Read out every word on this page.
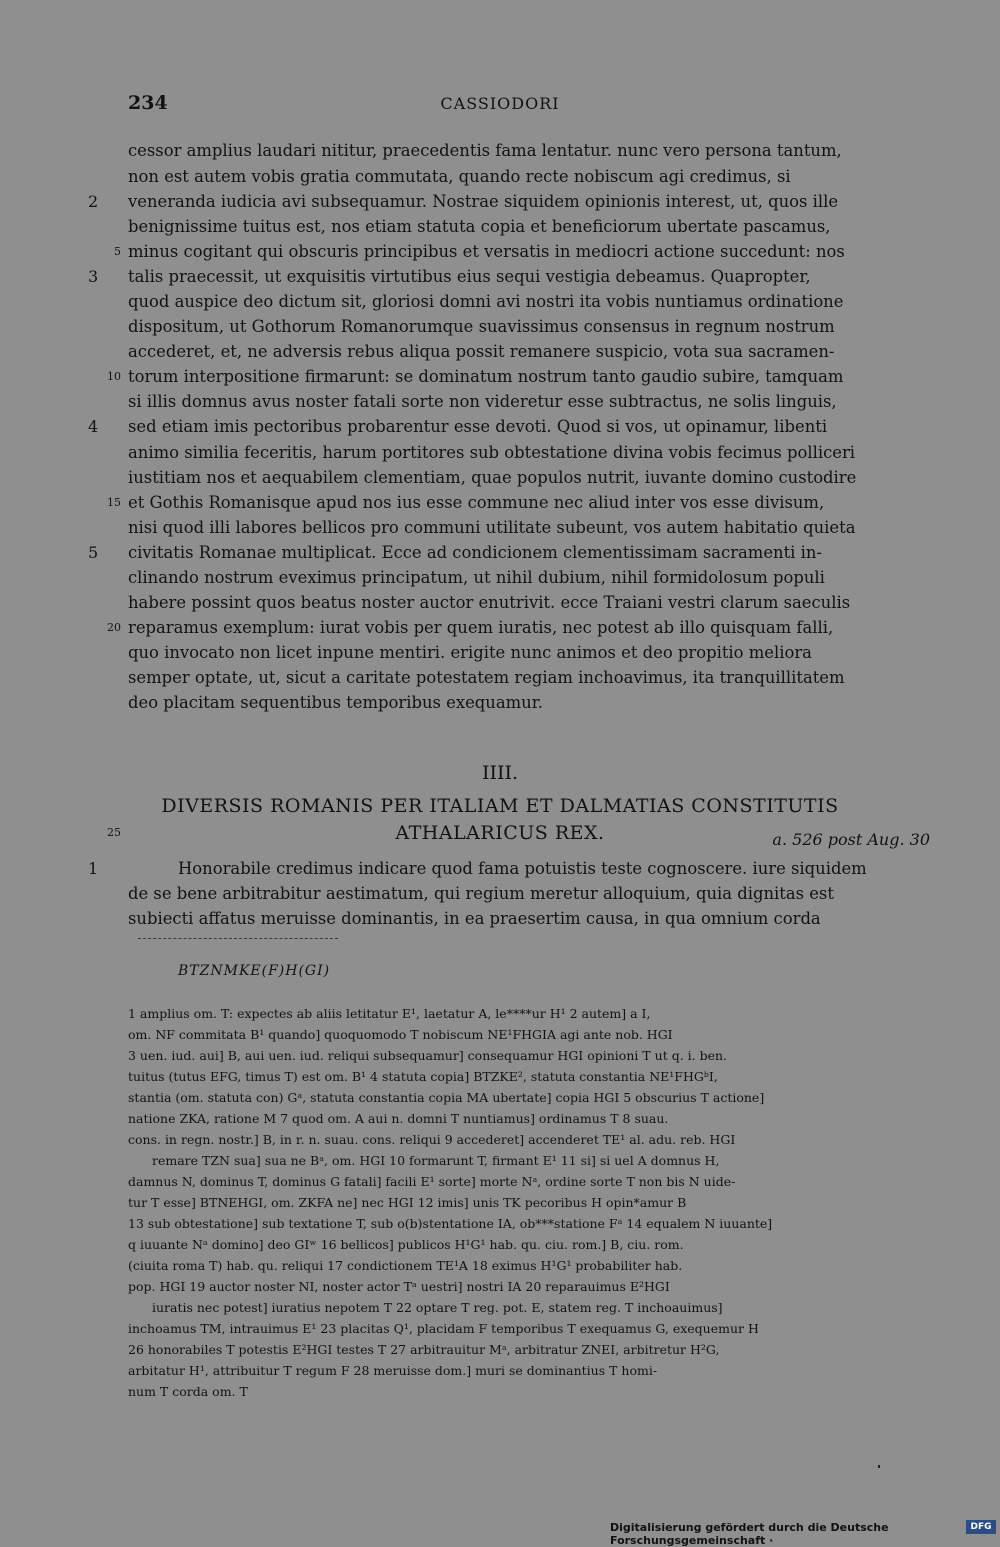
234	CASSIODORI
cessor amplius laudari nititur, praecedentis fama lentatur. nunc vero persona tantum,
non est autem vobis gratia commutata, quando recte nobiscum agi credimus, si
veneranda iudicia avi subsequamur. Nostrae siquidem opinionis interest, ut, quos ille
benignissime tuitus est, nos etiam statuta copia et beneficiorum ubertate pascamus,
minus cogitant qui obscuris principibus et versatis in mediocri actione succedunt: nos
talis praecessit, ut exquisitis virtutibus eius sequi vestigia debeamus. Quapropter,
quod auspice deo dictum sit, gloriosi domni avi nostri ita vobis nuntiamus ordinatione
dispositum, ut Gothorum Romanorumque suavissimus consensus in regnum nostrum
accederet, et, ne adversis rebus aliqua possit remanere suspicio, vota sua sacramen-
torum interpositione firmarunt: se dominatum nostrum tanto gaudio subire, tamquam
si illis domnus avus noster fatali sorte non videretur esse subtractus, ne solis linguis,
sed etiam imis pectoribus probarentur esse devoti. Quod si vos, ut opinamur, libenti
animo similia feceritis, harum portitores sub obtestatione divina vobis fecimus polliceri
iustitiam nos et aequabilem clementiam, quae populos nutrit, iuvante domino custodire
et Gothis Romanisque apud nos ius esse commune nec aliud inter vos esse divisum,
nisi quod illi labores bellicos pro communi utilitate subeunt, vos autem habitatio quieta
civitatis Romanae multiplicat. Ecce ad condicionem clementissimam sacramenti in-
clinando nostrum eveximus principatum, ut nihil dubium, nihil formidolosum populi
habere possint quos beatus noster auctor enutrivit. ecce Traiani vestri clarum saeculis
reparamus exemplum: iurat vobis per quem iuratis, nec potest ab illo quisquam falli,
quo invocato non licet inpune mentiri. erigite nunc animos et deo propitio meliora
semper optate, ut, sicut a caritate potestatem regiam inchoavimus, ita tranquillitatem
deo placitam sequentibus temporibus exequamur.
2
3
4
5
5
10
15
20
IIII.
DIVERSIS ROMANIS PER ITALIAM ET DALMATIAS CONSTITUTIS
ATHALARICUS REX.
25	a. 526 post Aug. 30
Honorabile credimus indicare quod fama potuistis teste cognoscere. iure siquidem
de se bene arbitrabitur aestimatum, qui regium meretur alloquium, quia dignitas est
subiecti affatus meruisse dominantis, in ea praesertim causa, in qua omnium corda
1
BTZNMKE(F)H(GI)
1 amplius om. T: expectes ab aliis letitatur E¹, laetatur A, le****ur H¹ 2 autem] a I,
om. NF commitata B¹ quando] quoquomodo T nobiscum NE¹FHGIA agi ante nob. HGI
3 uen. iud. aui] B, aui uen. iud. reliqui subsequamur] consequamur HGI opinioni T ut q. i. ben.
tuitus (tutus EFG, timus T) est om. B¹ 4 statuta copia] BTZKE², statuta constantia NE¹FHGᵇI,
stantia (om. statuta con) Gᵃ, statuta constantia copia MA ubertate] copia HGI 5 obscurius T actione]
natione ZKA, ratione M 7 quod om. A aui n. domni T nuntiamus] ordinamus T 8 suau.
cons. in regn. nostr.] B, in r. n. suau. cons. reliqui 9 accederet] accenderet TE¹ al. adu. reb. HGI
remare TZN sua] sua ne Bᵃ, om. HGI 10 formarunt T, firmant E¹ 11 si] si uel A domnus H,
damnus N, dominus T, dominus G fatali] facili E¹ sorte] morte Nᵃ, ordine sorte T non bis N uide-
tur T esse] BTNEHGI, om. ZKFA ne] nec HGI 12 imis] unis TK pecoribus H opin*amur B
13 sub obtestatione] sub textatione T, sub o(b)stentatione IA, ob***statione Fᵃ 14 equalem N iuuante]
q iuuante Nᵃ domino] deo GIʷ 16 bellicos] publicos H¹G¹ hab. qu. ciu. rom.] B, ciu. rom.
(ciuita roma T) hab. qu. reliqui 17 condictionem TE¹A 18 eximus H¹G¹ probabiliter hab.
pop. HGI 19 auctor noster NI, noster actor Tᵃ uestri] nostri IA 20 reparauimus E²HGI
iuratis nec potest] iuratius nepotem T 22 optare T reg. pot. E, statem reg. T inchoauimus]
inchoamus TM, intrauimus E¹ 23 placitas Q¹, placidam F temporibus T exequamus G, exequemur H
26 honorabiles T potestis E²HGI testes T 27 arbitrauitur Mᵃ, arbitratur ZNEI, arbitretur H²G,
arbitatur H¹, attribuitur T regum F 28 meruisse dom.] muri se dominantius T homi-
num T corda om. T
Digitalisierung gefördert durch die Deutsche Forschungsgemeinschaft ·
DFG
